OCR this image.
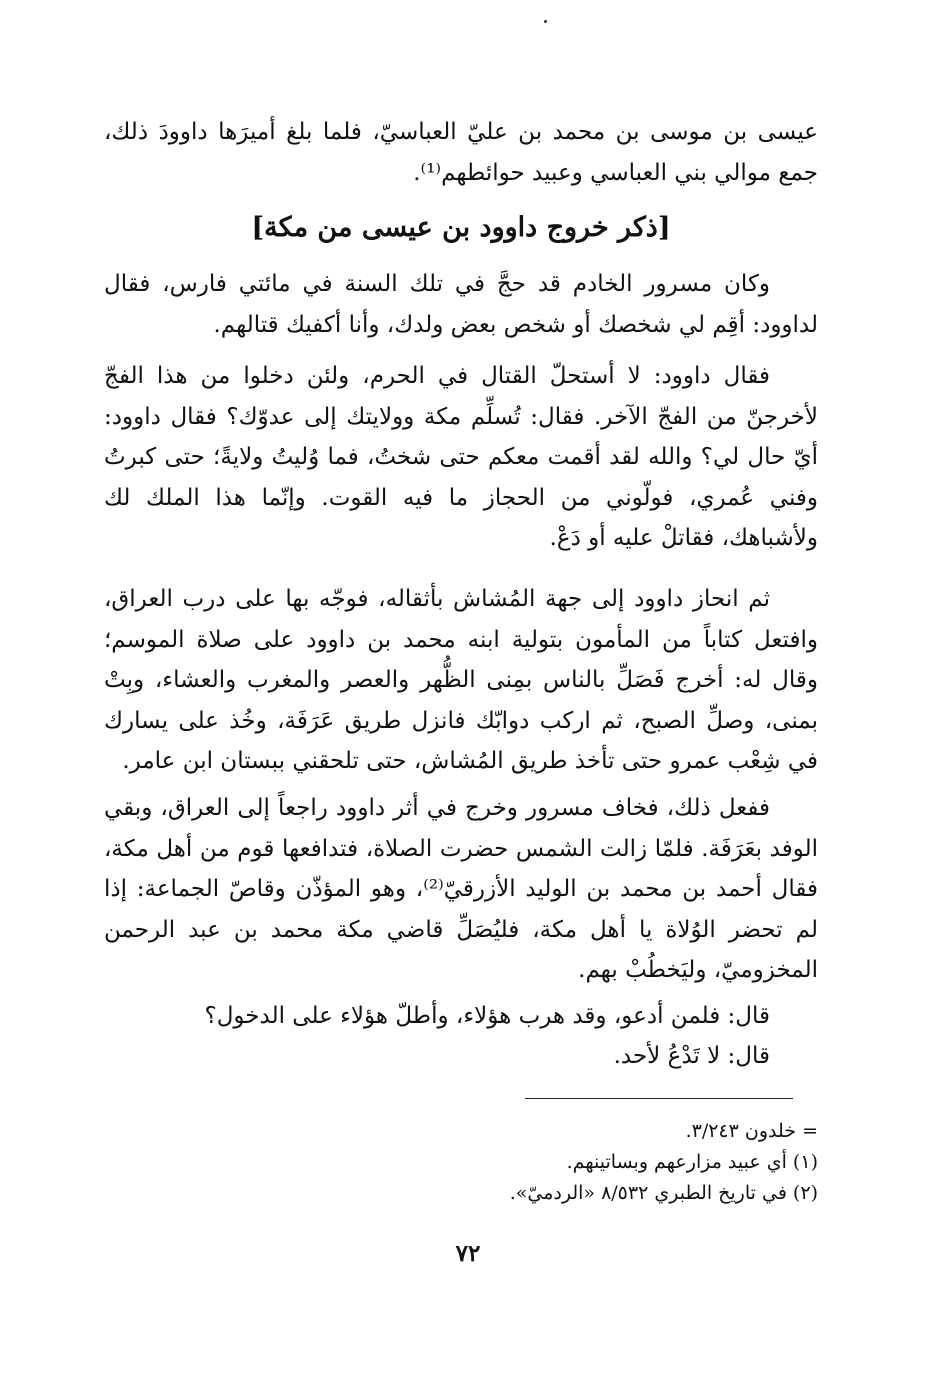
عيسى بن موسى بن محمد بن عليّ العباسيّ، فلما بلغ أميرَها داوودَ ذلك، جمع موالي بني العباسي وعبيد حوائطهم⁽¹⁾.
[ذكر خروج داوود بن عيسى من مكة]
وكان مسرور الخادم قد حجَّ في تلك السنة في مائتي فارس، فقال لداوود: أقِم لي شخصك أو شخص بعض ولدك، وأنا أكفيك قتالهم.
فقال داوود: لا أستحلّ القتال في الحرم، ولئن دخلوا من هذا الفجّ لأخرجنّ من الفجّ الآخر. فقال: تُسلِّم مكة وولايتك إلى عدوّك؟ فقال داوود: أيّ حال لي؟ والله لقد أقمت معكم حتى شختُ، فما وُليتُ ولايةً؛ حتى كبرتُ وفني عُمري، فولّوني من الحجاز ما فيه القوت. وإنّما هذا الملك لك ولأشباهك، فقاتلْ عليه أو دَعْ.
ثم انحاز داوود إلى جهة المُشاش بأثقاله، فوجّه بها على درب العراق، وافتعل كتاباً من المأمون بتولية ابنه محمد بن داوود على صلاة الموسم؛ وقال له: أخرج فَصَلِّ بالناس بمِنى الظُّهر والعصر والمغرب والعشاء، وبِتْ بمنى، وصلِّ الصبح، ثم اركب دوابّك فانزل طريق عَرَفَة، وخُذ على يسارك في شِعْب عمرو حتى تأخذ طريق المُشاش، حتى تلحقني ببستان ابن عامر.
ففعل ذلك، فخاف مسرور وخرج في أثر داوود راجعاً إلى العراق، وبقي الوفد بعَرَفَة. فلمّا زالت الشمس حضرت الصلاة، فتدافعها قوم من أهل مكة، فقال أحمد بن محمد بن الوليد الأزرقيّ⁽²⁾، وهو المؤذّن وقاصّ الجماعة: إذا لم تحضر الوُلاة يا أهل مكة، فليُصَلِّ قاضي مكة محمد بن عبد الرحمن المخزوميّ، وليَخطُبْ بهم.
قال: فلمن أدعو، وقد هرب هؤلاء، وأطلّ هؤلاء على الدخول؟
قال: لا تَدْعُ لأحد.
= خلدون ٣/٢٤٣.
(١) أي عبيد مزارعهم وبساتينهم.
(٢) في تاريخ الطبري ٨/٥٣٢ «الردميّ».
٧٢
